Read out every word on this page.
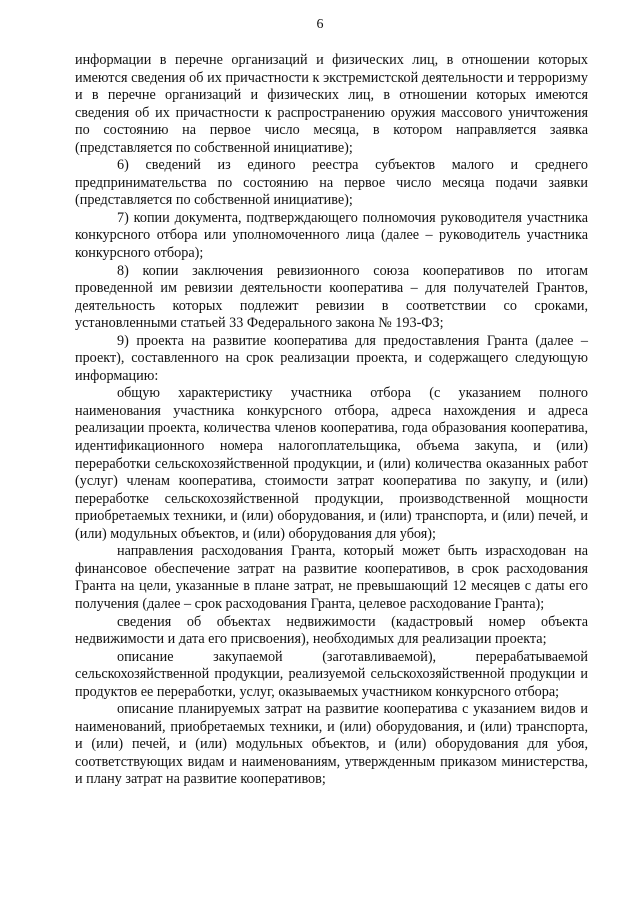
6

информации в перечне организаций и физических лиц, в отношении которых имеются сведения об их причастности к экстремистской деятельности и терроризму и в перечне организаций и физических лиц, в отношении которых имеются сведения об их причастности к распространению оружия массового уничтожения по состоянию на первое число месяца, в котором направляется заявка (представляется по собственной инициативе);

6) сведений из единого реестра субъектов малого и среднего предпринимательства по состоянию на первое число месяца подачи заявки (представляется по собственной инициативе);

7) копии документа, подтверждающего полномочия руководителя участника конкурсного отбора или уполномоченного лица (далее – руководитель участника конкурсного отбора);

8) копии заключения ревизионного союза кооперативов по итогам проведенной им ревизии деятельности кооператива – для получателей Грантов, деятельность которых подлежит ревизии в соответствии со сроками, установленными статьей 33 Федерального закона № 193-ФЗ;

9) проекта на развитие кооператива для предоставления Гранта (далее – проект), составленного на срок реализации проекта, и содержащего следующую информацию:

общую характеристику участника отбора (с указанием полного наименования участника конкурсного отбора, адреса нахождения и адреса реализации проекта, количества членов кооператива, года образования кооператива, идентификационного номера налогоплательщика, объема закупа, и (или) переработки сельскохозяйственной продукции, и (или) количества оказанных работ (услуг) членам кооператива, стоимости затрат кооператива по закупу, и (или) переработке сельскохозяйственной продукции, производственной мощности приобретаемых техники, и (или) оборудования, и (или) транспорта, и (или) печей, и (или) модульных объектов, и (или) оборудования для убоя);

направления расходования Гранта, который может быть израсходован на финансовое обеспечение затрат на развитие кооперативов, в срок расходования Гранта на цели, указанные в плане затрат, не превышающий 12 месяцев с даты его получения (далее – срок расходования Гранта, целевое расходование Гранта);

сведения об объектах недвижимости (кадастровый номер объекта недвижимости и дата его присвоения), необходимых для реализации проекта;

описание закупаемой (заготавливаемой), перерабатываемой сельскохозяйственной продукции, реализуемой сельскохозяйственной продукции и продуктов ее переработки, услуг, оказываемых участником конкурсного отбора;

описание планируемых затрат на развитие кооператива с указанием видов и наименований, приобретаемых техники, и (или) оборудования, и (или) транспорта, и (или) печей, и (или) модульных объектов, и (или) оборудования для убоя, соответствующих видам и наименованиям, утвержденным приказом министерства, и плану затрат на развитие кооперативов;
